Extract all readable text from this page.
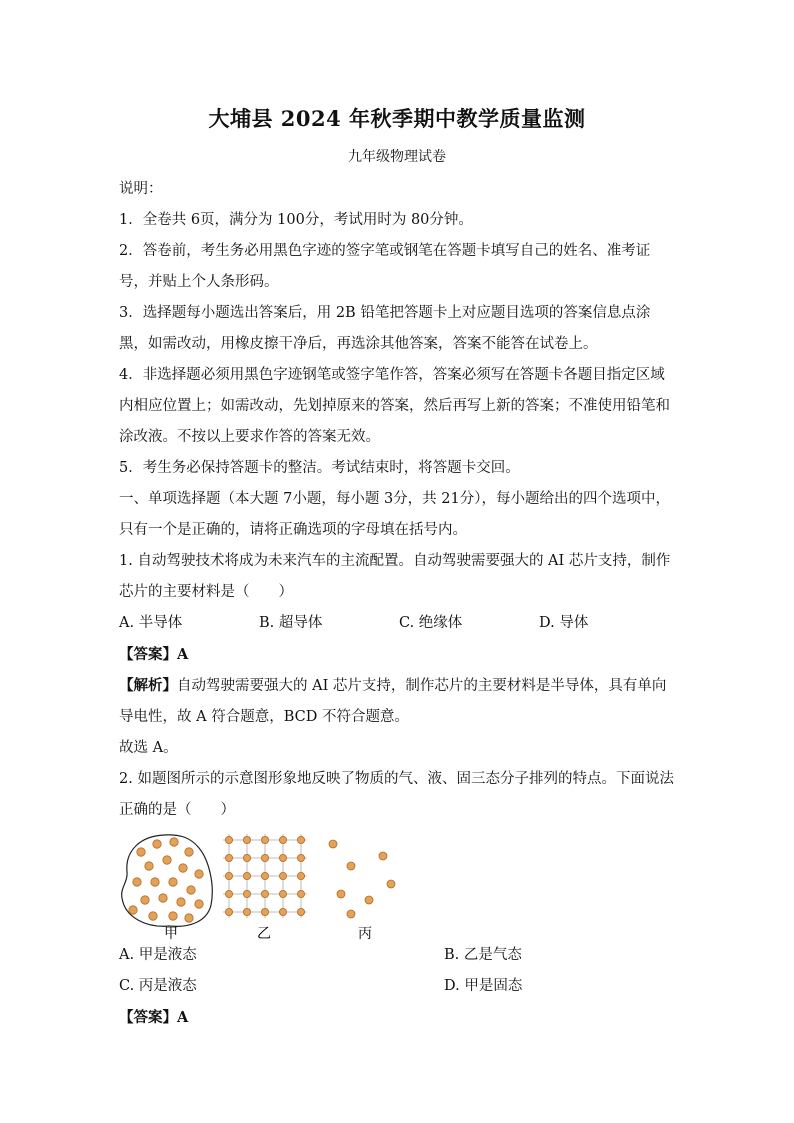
大埔县 2024 年秋季期中教学质量监测
九年级物理试卷

说明：

1．全卷共 6页，满分为 100分，考试用时为 80分钟。

2．答卷前，考生务必用黑色字迹的签字笔或钢笔在答题卡填写自己的姓名、准考证号，并贴上个人条形码。

3．选择题每小题选出答案后，用 2B 铅笔把答题卡上对应题目选项的答案信息点涂黑，如需改动，用橡皮擦干净后，再选涂其他答案，答案不能答在试卷上。

4．非选择题必须用黑色字迹钢笔或签字笔作答，答案必须写在答题卡各题目指定区域内相应位置上；如需改动，先划掉原来的答案，然后再写上新的答案；不准使用铅笔和涂改液。不按以上要求作答的答案无效。

5．考生务必保持答题卡的整洁。考试结束时，将答题卡交回。

一、单项选择题（本大题 7小题，每小题 3分，共 21分），每小题给出的四个选项中，只有一个是正确的，请将正确选项的字母填在括号内。

1. 自动驾驶技术将成为未来汽车的主流配置。自动驾驶需要强大的 AI 芯片支持，制作芯片的主要材料是（　　）

A. 半导体	B. 超导体	C. 绝缘体	D. 导体

【答案】A

【解析】自动驾驶需要强大的 AI 芯片支持，制作芯片的主要材料是半导体，具有单向导电性，故 A 符合题意，BCD 不符合题意。

故选 A。

2. 如题图所示的示意图形象地反映了物质的气、液、固三态分子排列的特点。下面说法正确的是（　　）

甲	乙	丙
A. 甲是液态	B. 乙是气态
C. 丙是液态	D. 甲是固态

【答案】A
